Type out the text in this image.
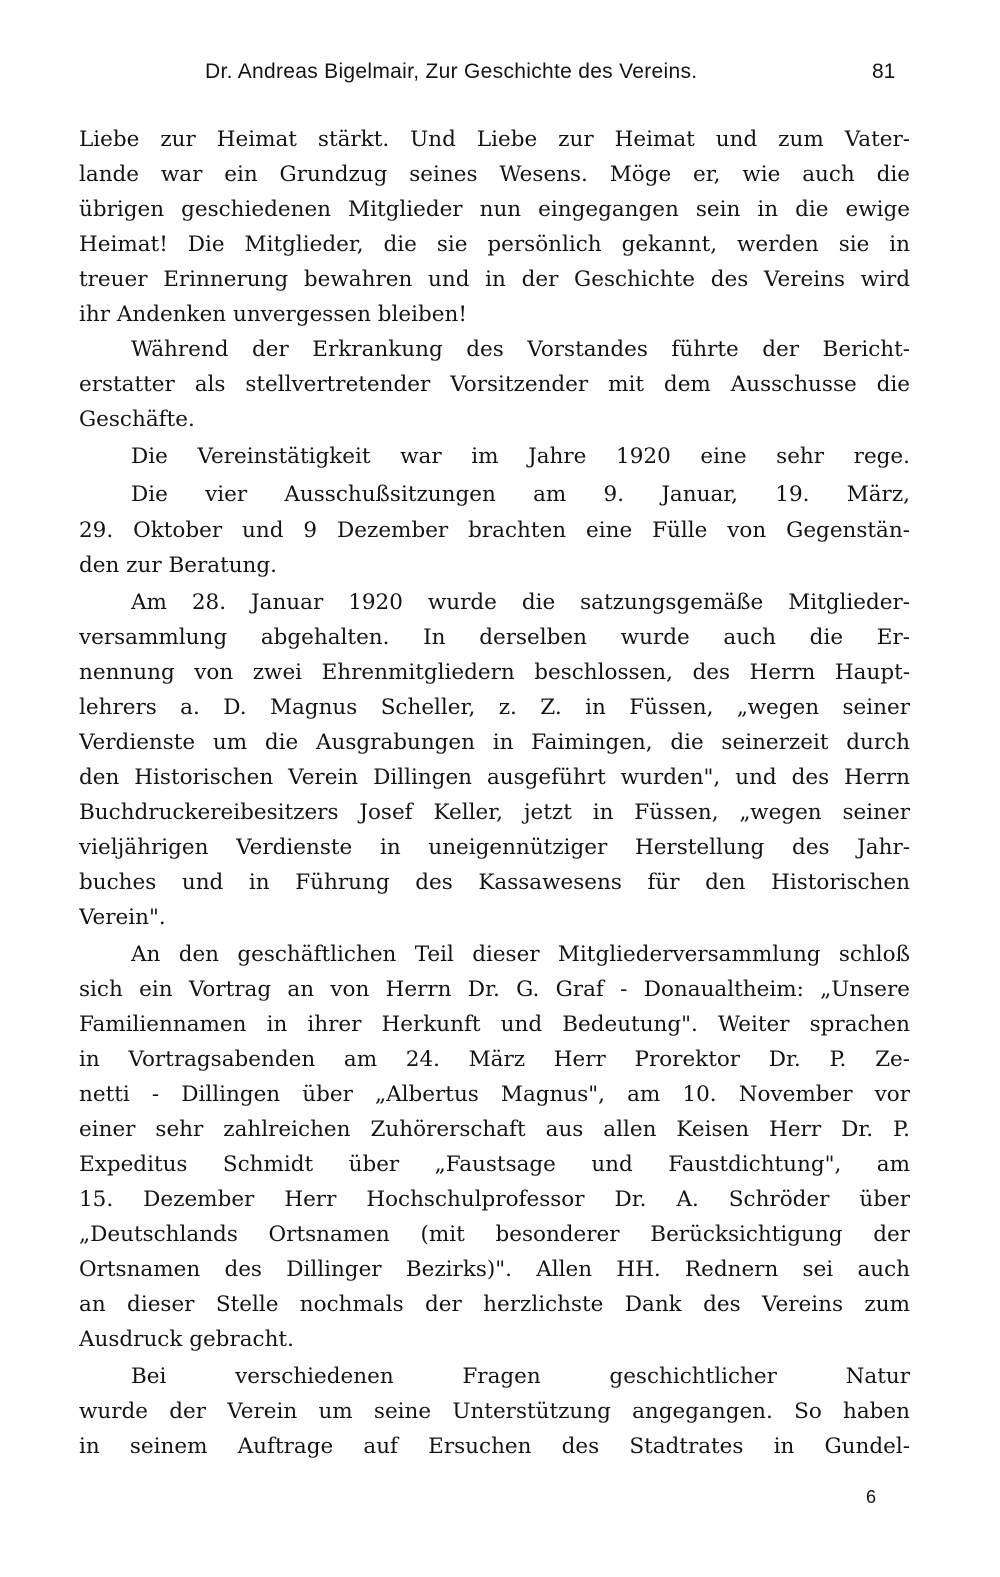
Dr. Andreas Bigelmair, Zur Geschichte des Vereins.	81
Liebe zur Heimat stärkt. Und Liebe zur Heimat und zum Vater-
lande war ein Grundzug seines Wesens. Möge er, wie auch die
übrigen geschiedenen Mitglieder nun eingegangen sein in die ewige
Heimat! Die Mitglieder, die sie persönlich gekannt, werden sie in
treuer Erinnerung bewahren und in der Geschichte des Vereins wird
ihr Andenken unvergessen bleiben!
Während der Erkrankung des Vorstandes führte der Bericht-
erstatter als stellvertretender Vorsitzender mit dem Ausschusse die
Geschäfte.
Die Vereinstätigkeit war im Jahre 1920 eine sehr rege.
Die vier Ausschußsitzungen am 9. Januar, 19. März,
29. Oktober und 9 Dezember brachten eine Fülle von Gegenstän-
den zur Beratung.
Am 28. Januar 1920 wurde die satzungsgemäße Mitglieder-
versammlung abgehalten. In derselben wurde auch die Er-
nennung von zwei Ehrenmitgliedern beschlossen, des Herrn Haupt-
lehrers a. D. Magnus Scheller, z. Z. in Füssen, „wegen seiner
Verdienste um die Ausgrabungen in Faimingen, die seinerzeit durch
den Historischen Verein Dillingen ausgeführt wurden", und des Herrn
Buchdruckereibesitzers Josef Keller, jetzt in Füssen, „wegen seiner
vieljährigen Verdienste in uneigennütziger Herstellung des Jahr-
buches und in Führung des Kassawesens für den Historischen
Verein".
An den geschäftlichen Teil dieser Mitgliederversammlung schloß
sich ein Vortrag an von Herrn Dr. G. Graf - Donaualtheim: „Unsere
Familiennamen in ihrer Herkunft und Bedeutung". Weiter sprachen
in Vortragsabenden am 24. März Herr Prorektor Dr. P. Ze-
netti - Dillingen über „Albertus Magnus", am 10. November vor
einer sehr zahlreichen Zuhörerschaft aus allen Keisen Herr Dr. P.
Expeditus Schmidt über „Faustsage und Faustdichtung", am
15. Dezember Herr Hochschulprofessor Dr. A. Schröder über
„Deutschlands Ortsnamen (mit besonderer Berücksichtigung der
Ortsnamen des Dillinger Bezirks)". Allen HH. Rednern sei auch
an dieser Stelle nochmals der herzlichste Dank des Vereins zum
Ausdruck gebracht.
Bei verschiedenen Fragen geschichtlicher Natur
wurde der Verein um seine Unterstützung angegangen. So haben
in seinem Auftrage auf Ersuchen des Stadtrates in Gundel-
6
